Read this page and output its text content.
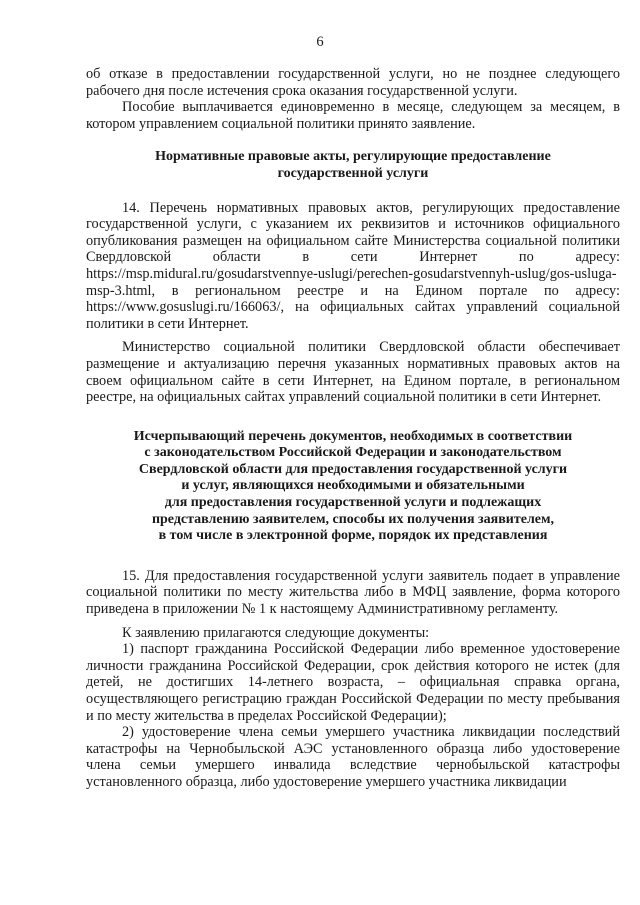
6

об отказе в предоставлении государственной услуги, но не позднее следующего рабочего дня после истечения срока оказания государственной услуги.

Пособие выплачивается единовременно в месяце, следующем за месяцем, в котором управлением социальной политики принято заявление.

Нормативные правовые акты, регулирующие предоставление
государственной услуги

14. Перечень нормативных правовых актов, регулирующих предоставление государственной услуги, с указанием их реквизитов и источников официального опубликования размещен на официальном сайте Министерства социальной политики Свердловской области в сети Интернет по адресу: https://msp.midural.ru/gosudarstvennye-uslugi/perechen-gosudarstvennyh-uslug/gos-usluga-msp-3.html, в региональном реестре и на Едином портале по адресу: https://www.gosuslugi.ru/166063/, на официальных сайтах управлений социальной политики в сети Интернет.

Министерство социальной политики Свердловской области обеспечивает размещение и актуализацию перечня указанных нормативных правовых актов на своем официальном сайте в сети Интернет, на Едином портале, в региональном реестре, на официальных сайтах управлений социальной политики в сети Интернет.

Исчерпывающий перечень документов, необходимых в соответствии
с законодательством Российской Федерации и законодательством
Свердловской области для предоставления государственной услуги
и услуг, являющихся необходимыми и обязательными
для предоставления государственной услуги и подлежащих
представлению заявителем, способы их получения заявителем,
в том числе в электронной форме, порядок их представления

15. Для предоставления государственной услуги заявитель подает в управление социальной политики по месту жительства либо в МФЦ заявление, форма которого приведена в приложении № 1 к настоящему Административному регламенту.

К заявлению прилагаются следующие документы:

1) паспорт гражданина Российской Федерации либо временное удостоверение личности гражданина Российской Федерации, срок действия которого не истек (для детей, не достигших 14-летнего возраста, – официальная справка органа, осуществляющего регистрацию граждан Российской Федерации по месту пребывания и по месту жительства в пределах Российской Федерации);

2) удостоверение члена семьи умершего участника ликвидации последствий катастрофы на Чернобыльской АЭС установленного образца либо удостоверение члена семьи умершего инвалида вследствие чернобыльской катастрофы установленного образца, либо удостоверение умершего участника ликвидации
